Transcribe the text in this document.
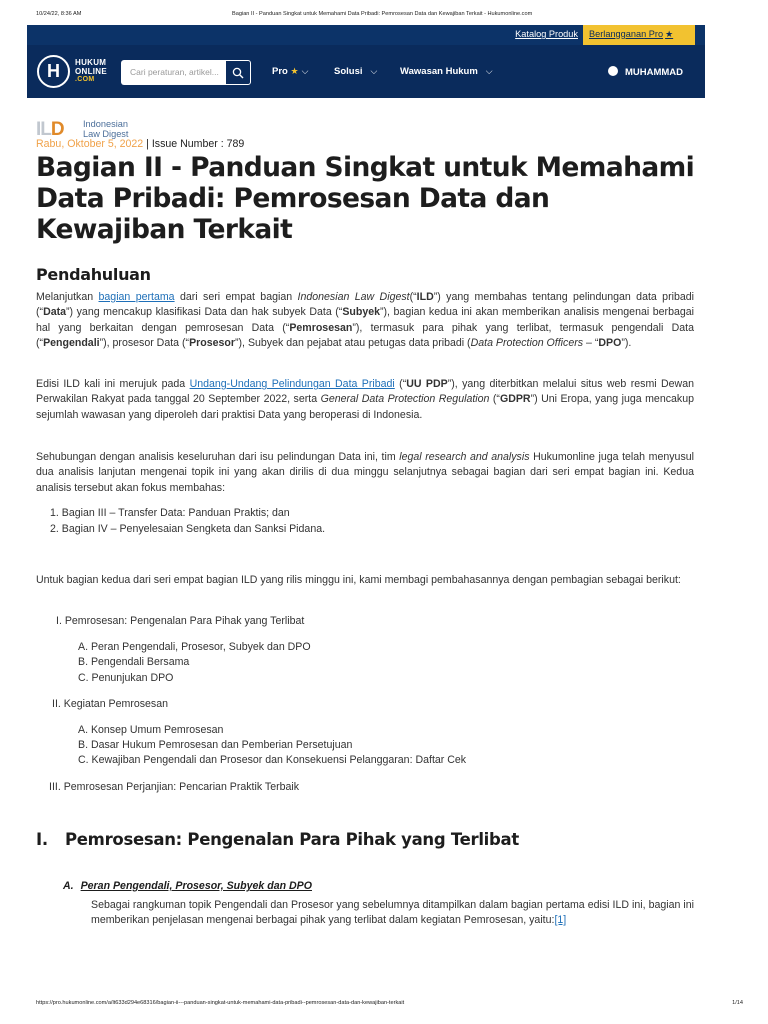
10/24/22, 8:36 AM	Bagian II - Panduan Singkat untuk Memahami Data Pribadi: Pemrosesan Data dan Kewajiban Terkait - Hukumonline.com
Katalog Produk	Berlangganan Pro ★
H	HUKUM
ONLINE
.COM
Cari peraturan, artikel...	Pro ★ ⌵	Solusi ⌵ Wawasan Hukum ⌵	MUHAMMAD
ILD Indonesian
Law Digest
Rabu, Oktober 5, 2022 | Issue Number : 789
Bagian II - Panduan Singkat untuk Memahami Data Pribadi: Pemrosesan Data dan Kewajiban Terkait
Pendahuluan

Melanjutkan bagian pertama dari seri empat bagian Indonesian Law Digest(“ILD”) yang membahas tentang pelindungan data pribadi (“Data”) yang mencakup klasifikasi Data dan hak subyek Data (“Subyek”), bagian kedua ini akan memberikan analisis mengenai berbagai hal yang berkaitan dengan pemrosesan Data (“Pemrosesan”), termasuk para pihak yang terlibat, termasuk pengendali Data (“Pengendali”), prosesor Data (“Prosesor”), Subyek dan pejabat atau petugas data pribadi (Data Protection Officers – “DPO”).

Edisi ILD kali ini merujuk pada Undang-Undang Pelindungan Data Pribadi (“UU PDP”), yang diterbitkan melalui situs web resmi Dewan Perwakilan Rakyat pada tanggal 20 September 2022, serta General Data Protection Regulation (“GDPR”) Uni Eropa, yang juga mencakup sejumlah wawasan yang diperoleh dari praktisi Data yang beroperasi di Indonesia.

Sehubungan dengan analisis keseluruhan dari isu pelindungan Data ini, tim legal research and analysis Hukumonline juga telah menyusul dua analisis lanjutan mengenai topik ini yang akan dirilis di dua minggu selanjutnya sebagai bagian dari seri empat bagian ini. Kedua analisis tersebut akan fokus membahas:

1. Bagian III – Transfer Data: Panduan Praktis; dan
2. Bagian IV – Penyelesaian Sengketa dan Sanksi Pidana.

Untuk bagian kedua dari seri empat bagian ILD yang rilis minggu ini, kami membagi pembahasannya dengan pembagian sebagai berikut:

I. Pemrosesan: Pengenalan Para Pihak yang Terlibat
A. Peran Pengendali, Prosesor, Subyek dan DPO
B. Pengendali Bersama
C. Penunjukan DPO
II. Kegiatan Pemrosesan
A. Konsep Umum Pemrosesan
B. Dasar Hukum Pemrosesan dan Pemberian Persetujuan
C. Kewajiban Pengendali dan Prosesor dan Konsekuensi Pelanggaran: Daftar Cek
III. Pemrosesan Perjanjian: Pencarian Praktik Terbaik
I. Pemrosesan: Pengenalan Para Pihak yang Terlibat
A. Peran Pengendali, Prosesor, Subyek dan DPO

Sebagai rangkuman topik Pengendali dan Prosesor yang sebelumnya ditampilkan dalam bagian pertama edisi ILD ini, bagian ini memberikan penjelasan mengenai berbagai pihak yang terlibat dalam kegiatan Pemrosesan, yaitu:[1]

https://pro.hukumonline.com/a/lt633d294e68316/bagian-ii---panduan-singkat-untuk-memahami-data-pribadi--pemrosesan-data-dan-kewajiban-terkait	1/14
